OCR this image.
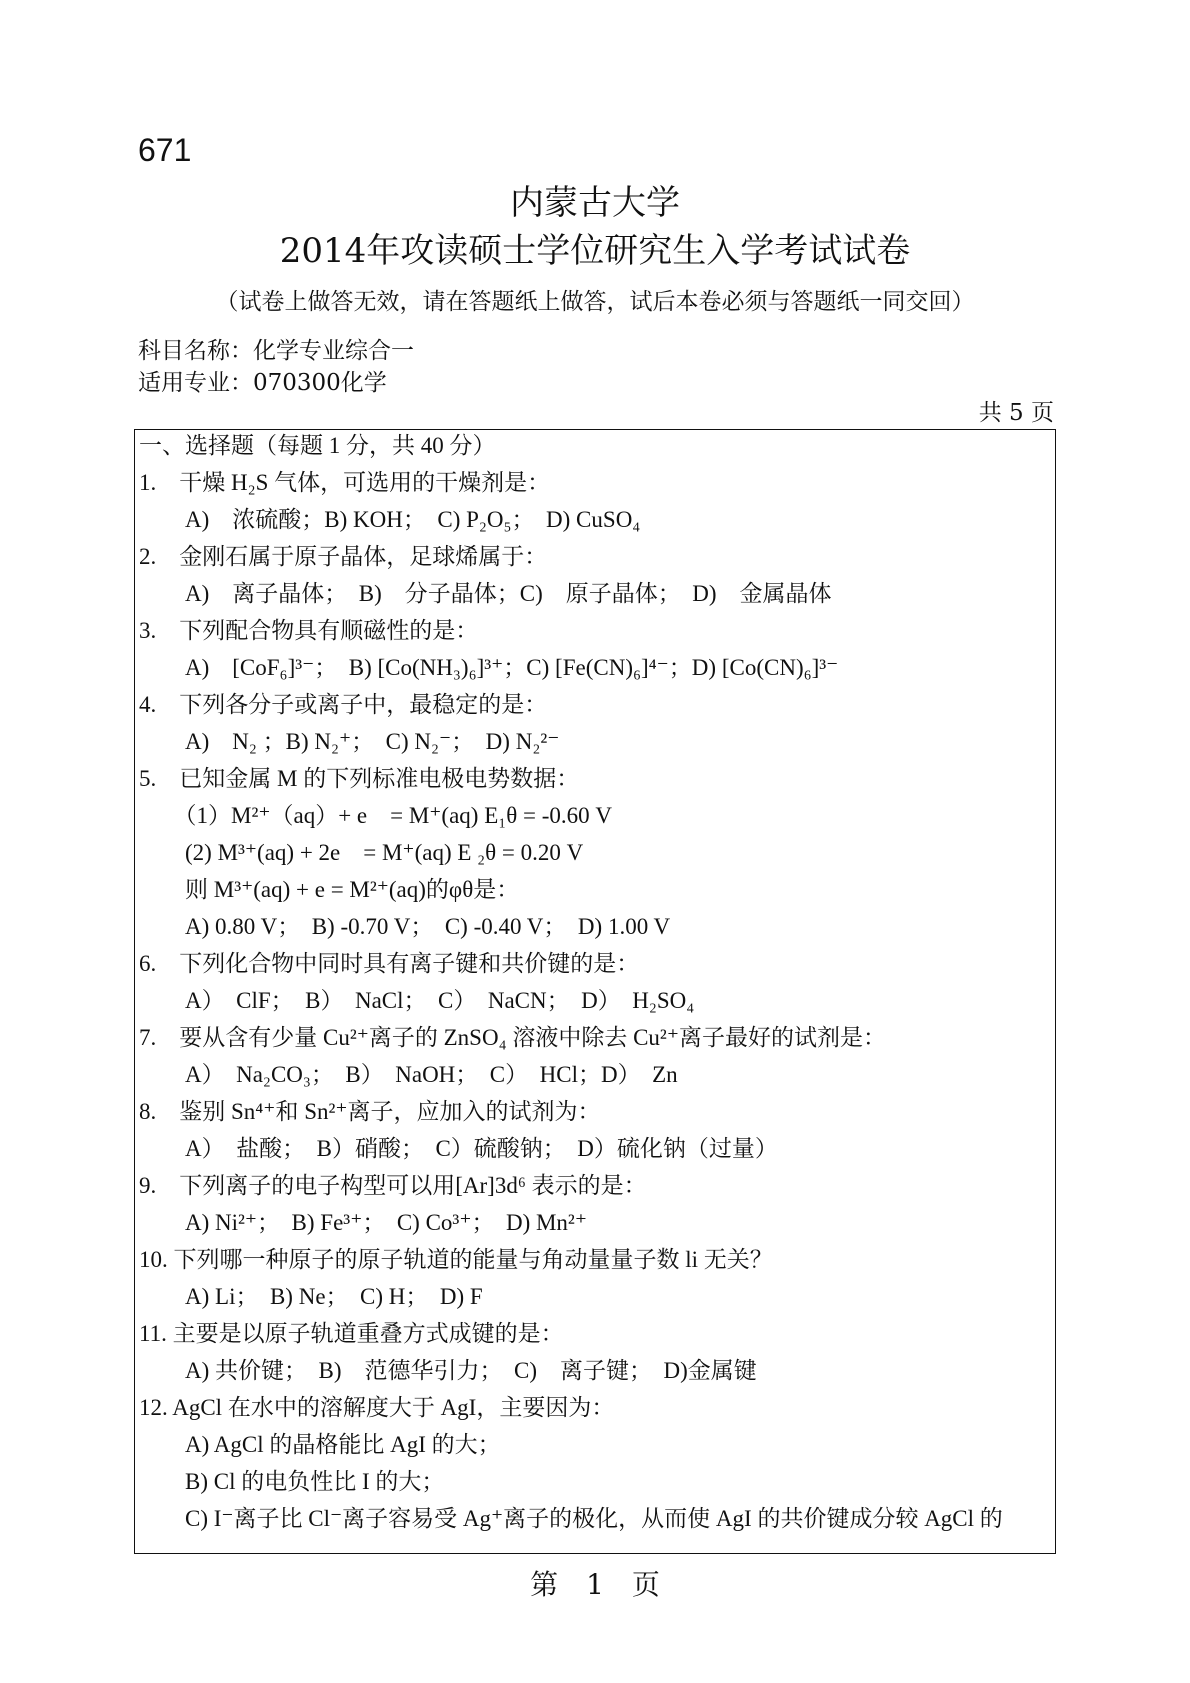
671
内蒙古大学
2014年攻读硕士学位研究生入学考试试卷
（试卷上做答无效，请在答题纸上做答，试后本卷必须与答题纸一同交回）
科目名称：化学专业综合一
适用专业：070300化学
共 5 页
一、选择题（每题 1 分，共 40 分）
1.　干燥 H₂S 气体，可选用的干燥剂是：
　　A)　浓硫酸；B) KOH；　C) P₂O₅；　D) CuSO₄
2.　金刚石属于原子晶体，足球烯属于：
　　A)　离子晶体；　B)　分子晶体；C)　原子晶体；　D)　金属晶体
3.　下列配合物具有顺磁性的是：
　　A)　[CoF₆]³⁻；　B) [Co(NH₃)₆]³⁺；C) [Fe(CN)₆]⁴⁻；D) [Co(CN)₆]³⁻
4.　下列各分子或离子中，最稳定的是：
　　A)　N₂ ；B) N₂⁺；　C) N₂⁻；　D) N₂²⁻
5.　已知金属 M 的下列标准电极电势数据：
　　（1）M²⁺（aq）+ e　= M⁺(aq) E₁θ = -0.60 V
　　(2) M³⁺(aq) + 2e　= M⁺(aq) E ₂θ = 0.20 V
　　则 M³⁺(aq) + e = M²⁺(aq)的φθ是：
　　A) 0.80 V；　B) -0.70 V；　C) -0.40 V；　D) 1.00 V
6.　下列化合物中同时具有离子键和共价键的是：
　　A）　ClF；　B）　NaCl；　C）　NaCN；　D）　H₂SO₄
7.　要从含有少量 Cu²⁺离子的 ZnSO₄ 溶液中除去 Cu²⁺离子最好的试剂是：
　　A）　Na₂CO₃；　B）　NaOH；　C）　HCl；D）　Zn
8.　鉴别 Sn⁴⁺和 Sn²⁺离子，应加入的试剂为：
　　A）　盐酸；　B）硝酸；　C）硫酸钠；　D）硫化钠（过量）
9.　下列离子的电子构型可以用[Ar]3d⁶ 表示的是：
　　A) Ni²⁺；　B) Fe³⁺；　C) Co³⁺；　D) Mn²⁺
10. 下列哪一种原子的原子轨道的能量与角动量量子数 li 无关？
　　A) Li；　B) Ne；　C) H；　D) F
11. 主要是以原子轨道重叠方式成键的是：
　　A) 共价键；　B)　范德华引力；　C)　离子键；　D)金属键
12. AgCl 在水中的溶解度大于 AgI，主要因为：
　　A) AgCl 的晶格能比 AgI 的大；
　　B) Cl 的电负性比 I 的大；
　　C) I⁻离子比 Cl⁻离子容易受 Ag⁺离子的极化，从而使 AgI 的共价键成分较 AgCl 的
第　1　页
